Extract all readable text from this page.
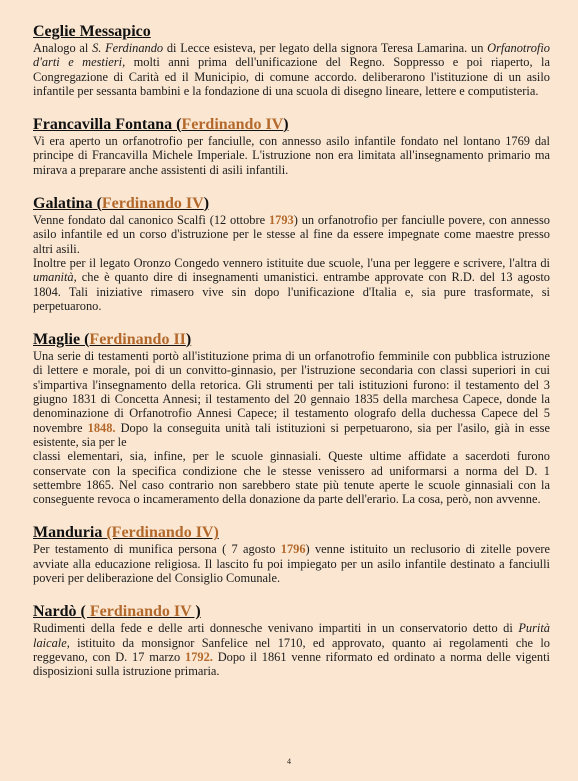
Ceglie Messapico

Analogo al S. Ferdinando di Lecce esisteva, per legato della signora Teresa Lamarina. un Orfanotrofio d'arti e mestieri, molti anni prima dell'unificazione del Regno. Soppresso e poi riaperto, la Congregazione di Carità ed il Municipio, di comune accordo. deliberarono l'istituzione di un asilo infantile per sessanta bambini e la fondazione di una scuola di disegno lineare, lettere e computisteria.

Francavilla Fontana (Ferdinando IV)

Vi era aperto un orfanotrofio per fanciulle, con annesso asilo infantile fondato nel lontano 1769 dal principe di Francavilla Michele Imperiale. L'istruzione non era limitata all'insegnamento primario ma mirava a preparare anche assistenti di asili infantili.

Galatina (Ferdinando IV)

Venne fondato dal canonico Scalfì (12 ottobre 1793) un orfanotrofio per fanciulle povere, con annesso asilo infantile ed un corso d'istruzione per le stesse al fine da essere impegnate come maestre presso altri asili.

Inoltre per il legato Oronzo Congedo vennero istituite due scuole, l'una per leggere e scrivere, l'altra di umanità, che è quanto dire di insegnamenti umanistici. entrambe approvate con R.D. del 13 agosto 1804. Tali iniziative rimasero vive sin dopo l'unificazione d'Italia e, sia pure trasformate, si perpetuarono.

Maglie (Ferdinando II)

Una serie di testamenti portò all'istituzione prima di un orfanotrofio femminile con pubblica istruzione di lettere e morale, poi di un convitto-ginnasio, per l'istruzione secondaria con classi superiori in cui s'impartiva l'insegnamento della retorica. Gli strumenti per tali istituzioni furono: il testamento del 3 giugno 1831 di Concetta Annesi; il testamento del 20 gennaio 1835 della marchesa Capece, donde la denominazione di Orfanotrofio Annesi Capece; il testamento olografo della duchessa Capece del 5 novembre 1848. Dopo la conseguita unità tali istituzioni si perpetuarono, sia per l'asilo, già in esse esistente, sia per le

classi elementari, sia, infine, per le scuole ginnasiali. Queste ultime affidate a sacerdoti furono conservate con la specifica condizione che le stesse venissero ad uniformarsi a norma del D. 1 settembre 1865. Nel caso contrario non sarebbero state più tenute aperte le scuole ginnasiali con la conseguente revoca o incameramento della donazione da parte dell'erario. La cosa, però, non avvenne.

Manduria (Ferdinando IV)

Per testamento di munifica persona ( 7 agosto 1796) venne istituito un reclusorio di zitelle povere avviate alla educazione religiosa. Il lascito fu poi impiegato per un asilo infantile destinato a fanciulli poveri per deliberazione del Consiglio Comunale.

Nardò ( Ferdinando IV )

Rudimenti della fede e delle arti donnesche venivano impartiti in un conservatorio detto di Purità laicale, istituito da monsignor Sanfelice nel 1710, ed approvato, quanto ai regolamenti che lo reggevano, con D. 17 marzo 1792. Dopo il 1861 venne riformato ed ordinato a norma delle vigenti disposizioni sulla istruzione primaria.

4
